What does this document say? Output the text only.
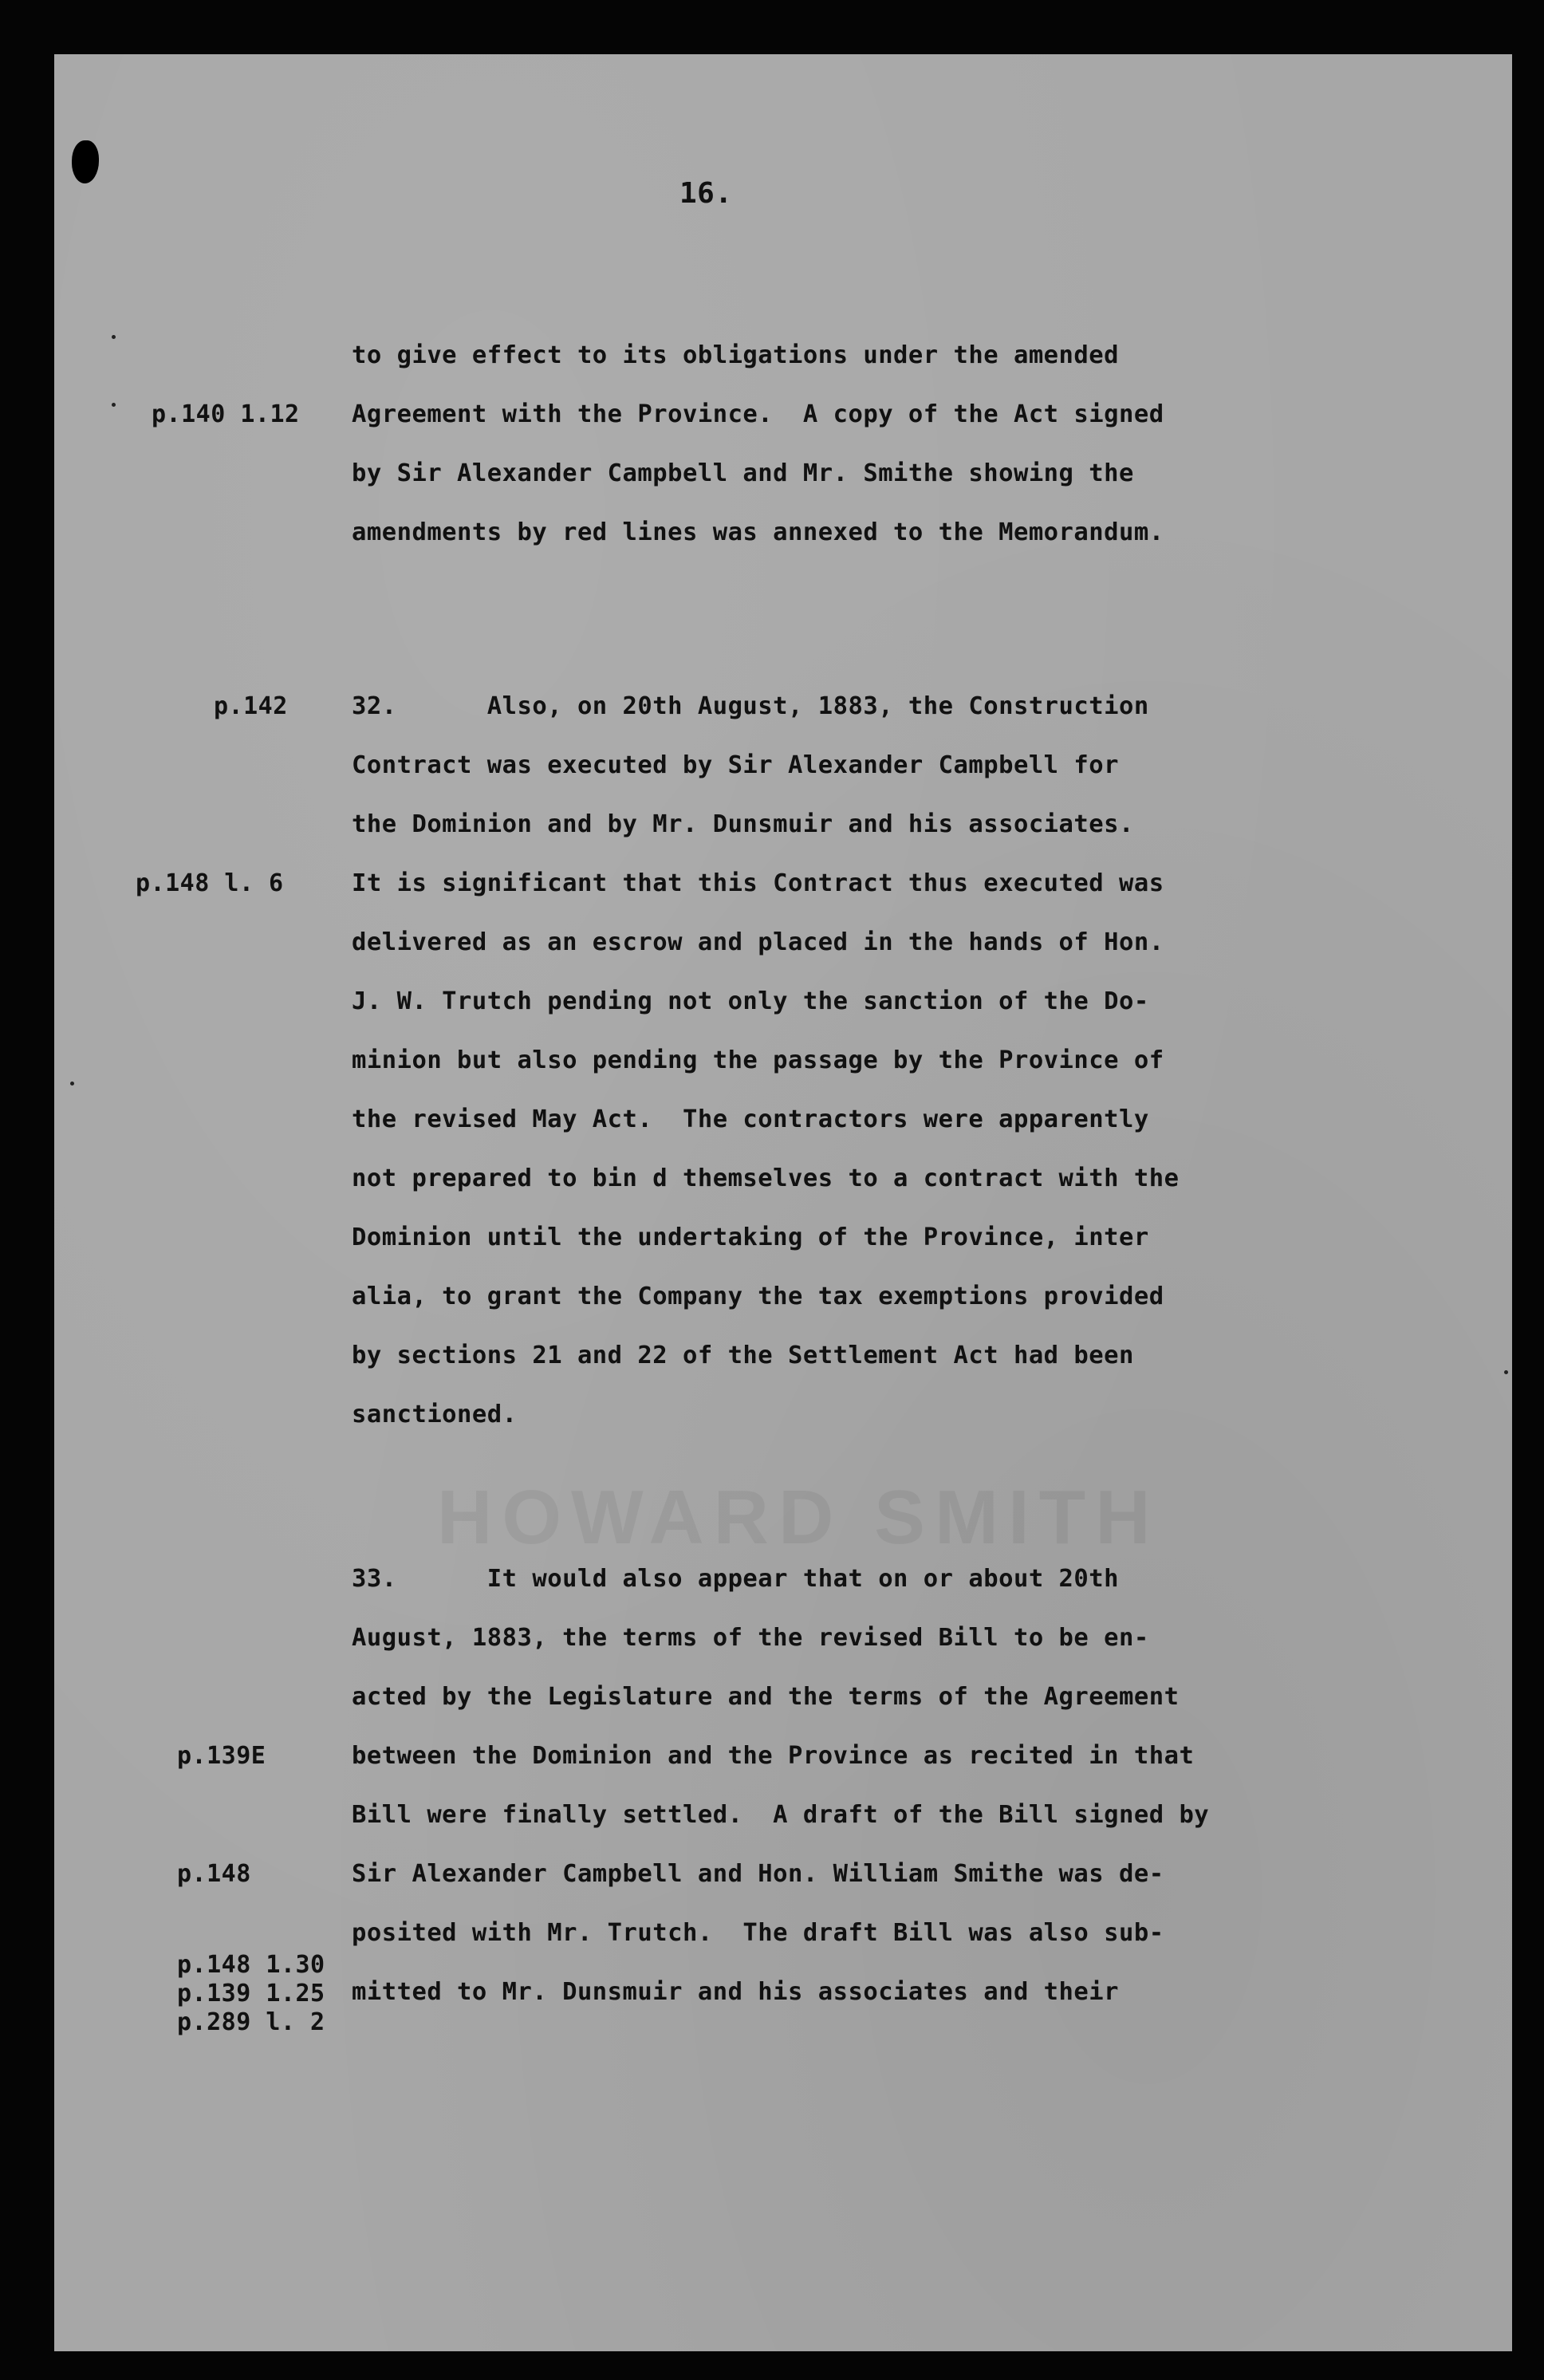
HOWARD SMITH
16.
to give effect to its obligations under the amended
Agreement with the Province.  A copy of the Act signed
by Sir Alexander Campbell and Mr. Smithe showing the
amendments by red lines was annexed to the Memorandum.
32.      Also, on 20th August, 1883, the Construction
Contract was executed by Sir Alexander Campbell for
the Dominion and by Mr. Dunsmuir and his associates.
It is significant that this Contract thus executed was
delivered as an escrow and placed in the hands of Hon.
J. W. Trutch pending not only the sanction of the Do-
minion but also pending the passage by the Province of
the revised May Act.  The contractors were apparently
not prepared to bin d themselves to a contract with the
Dominion until the undertaking of the Province, inter
alia, to grant the Company the tax exemptions provided
by sections 21 and 22 of the Settlement Act had been
sanctioned.
33.      It would also appear that on or about 20th
August, 1883, the terms of the revised Bill to be en-
acted by the Legislature and the terms of the Agreement
between the Dominion and the Province as recited in that
Bill were finally settled.  A draft of the Bill signed by
Sir Alexander Campbell and Hon. William Smithe was de-
posited with Mr. Trutch.  The draft Bill was also sub-
mitted to Mr. Dunsmuir and his associates and their
p.140 1.12
p.142
p.148 l. 6
p.139E
p.148
p.148 1.30
p.139 1.25
p.289 l. 2
